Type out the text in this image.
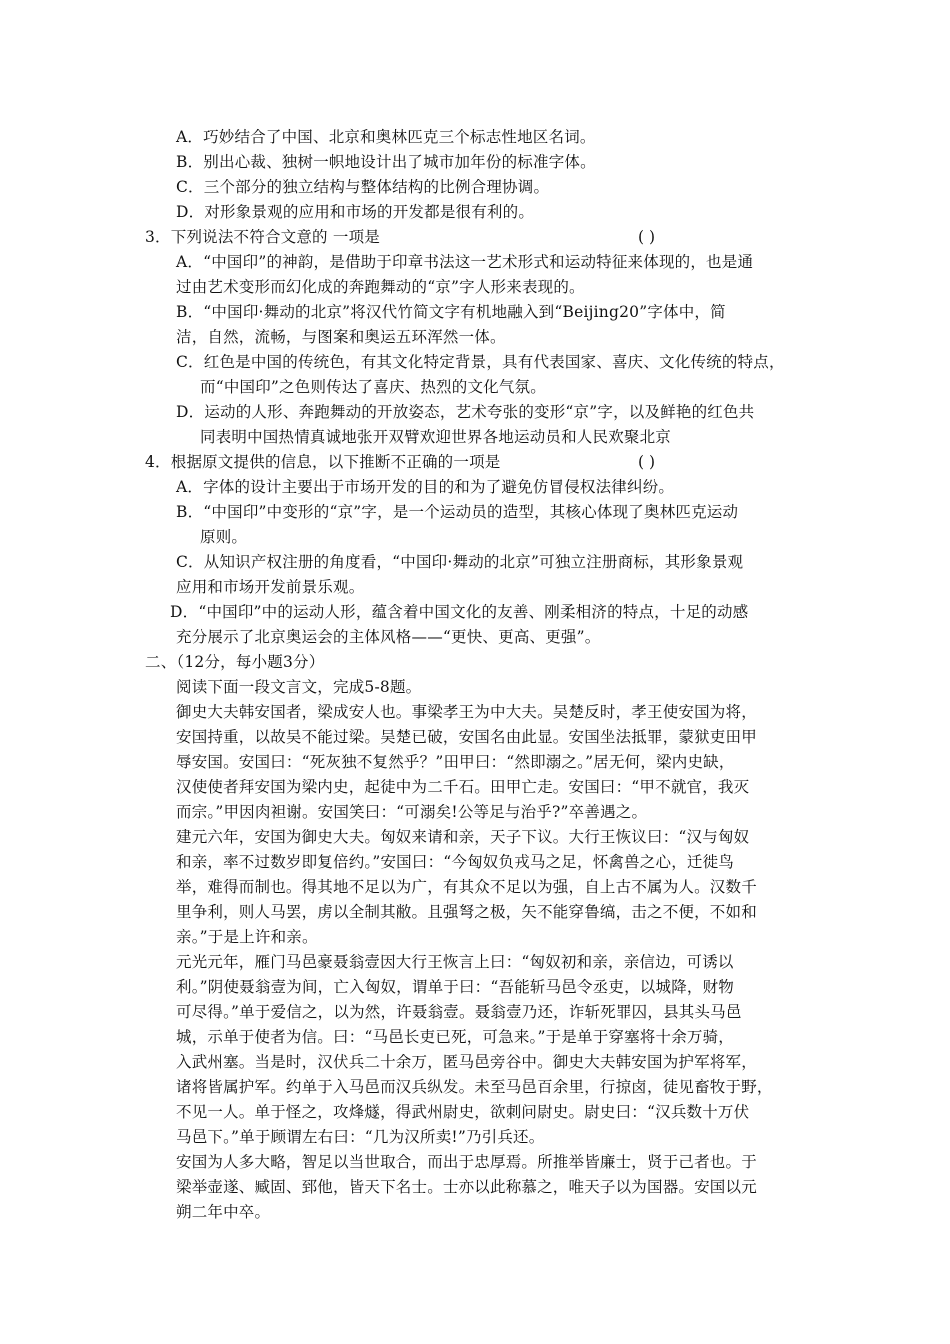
A．巧妙结合了中国、北京和奥林匹克三个标志性地区名词。
B．别出心裁、独树一帜地设计出了城市加年份的标准字体。
C．三个部分的独立结构与整体结构的比例合理协调。
D．对形象景观的应用和市场的开发都是很有利的。
3．下列说法不符合文意的 一项是	( )
A．“中国印”的神韵，是借助于印章书法这一艺术形式和运动特征来体现的，也是通
过由艺术变形而幻化成的奔跑舞动的“京”字人形来表现的。
B．“中国印·舞动的北京”将汉代竹简文字有机地融入到“Beijing20”字体中，简
洁，自然，流畅，与图案和奥运五环浑然一体。
C．红色是中国的传统色，有其文化特定背景，具有代表国家、喜庆、文化传统的特点，
而“中国印”之色则传达了喜庆、热烈的文化气氛。
D．运动的人形、奔跑舞动的开放姿态，艺术夸张的变形“京”字，以及鲜艳的红色共
同表明中国热情真诚地张开双臂欢迎世界各地运动员和人民欢聚北京
4．根据原文提供的信息，以下推断不正确的一项是	( )
A．字体的设计主要出于市场开发的目的和为了避免仿冒侵权法律纠纷。
B．“中国印”中变形的“京”字，是一个运动员的造型，其核心体现了奥林匹克运动
原则。
C．从知识产权注册的角度看，“中国印·舞动的北京”可独立注册商标，其形象景观
应用和市场开发前景乐观。
D．“中国印”中的运动人形，蕴含着中国文化的友善、刚柔相济的特点，十足的动感
充分展示了北京奥运会的主体风格——“更快、更高、更强”。
二、（12分，每小题3分）
阅读下面一段文言文，完成5-8题。
御史大夫韩安国者，梁成安人也。事梁孝王为中大夫。吴楚反时，孝王使安国为将，
安国持重，以故吴不能过梁。吴楚已破，安国名由此显。安国坐法抵罪，蒙狱吏田甲
辱安国。安国曰：“死灰独不复然乎？”田甲曰：“然即溺之。”居无何，梁内史缺，
汉使使者拜安国为梁内史，起徒中为二千石。田甲亡走。安国曰：“甲不就官，我灭
而宗。”甲因肉袒谢。安国笑曰：“可溺矣!公等足与治乎?”卒善遇之。
建元六年，安国为御史大夫。匈奴来请和亲，天子下议。大行王恢议曰：“汉与匈奴
和亲，率不过数岁即复倍约。”安国曰：“今匈奴负戎马之足，怀禽兽之心，迁徙鸟
举，难得而制也。得其地不足以为广，有其众不足以为强，自上古不属为人。汉数千
里争利，则人马罢，虏以全制其敝。且强弩之极，矢不能穿鲁缟，击之不便，不如和
亲。”于是上许和亲。
元光元年，雁门马邑豪聂翁壹因大行王恢言上曰：“匈奴初和亲，亲信边，可诱以
利。”阴使聂翁壹为间，亡入匈奴，谓单于曰：“吾能斩马邑令丞吏，以城降，财物
可尽得。”单于爱信之，以为然，许聂翁壹。聂翁壹乃还，诈斩死罪囚，县其头马邑
城，示单于使者为信。曰：“马邑长吏已死，可急来。”于是单于穿塞将十余万骑，
入武州塞。当是时，汉伏兵二十余万，匿马邑旁谷中。御史大夫韩安国为护军将军，
诸将皆属护军。约单于入马邑而汉兵纵发。未至马邑百余里，行掠卤，徒见畜牧于野，
不见一人。单于怪之，攻烽燧，得武州尉史，欲刺问尉史。尉史曰：“汉兵数十万伏
马邑下。”单于顾谓左右曰：“几为汉所卖!”乃引兵还。
安国为人多大略，智足以当世取合，而出于忠厚焉。所推举皆廉士，贤于己者也。于
梁举壶遂、臧固、郅他，皆天下名士。士亦以此称慕之，唯天子以为国器。安国以元
朔二年中卒。
